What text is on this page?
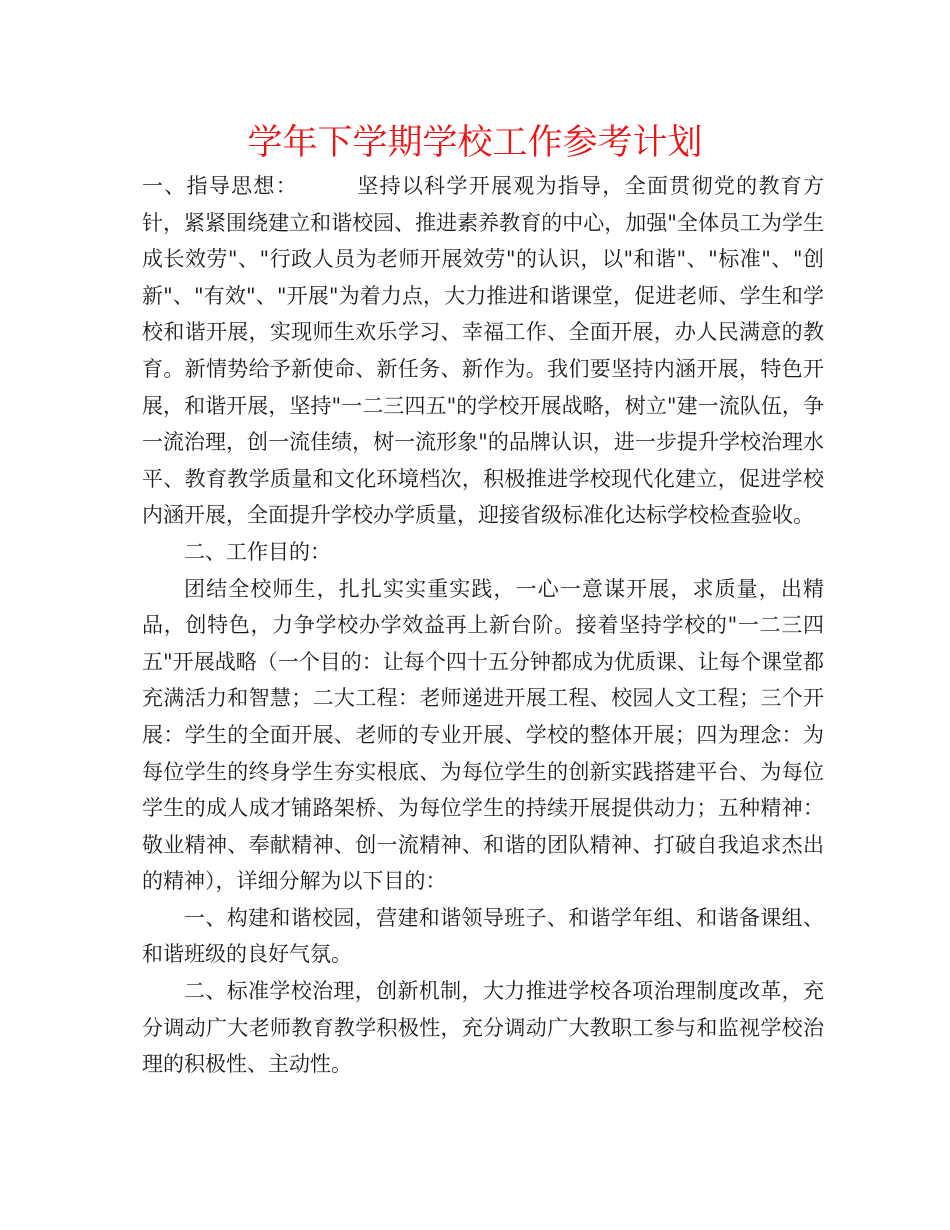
学年下学期学校工作参考计划

一、指导思想：	坚持以科学开展观为指导，全面贯彻党的教育方针，紧紧围绕建立和谐校园、推进素养教育的中心，加强"全体员工为学生成长效劳"、"行政人员为老师开展效劳"的认识，以"和谐"、"标准"、"创新"、"有效"、"开展"为着力点，大力推进和谐课堂，促进老师、学生和学校和谐开展，实现师生欢乐学习、幸福工作、全面开展，办人民满意的教育。新情势给予新使命、新任务、新作为。我们要坚持内涵开展，特色开展，和谐开展，坚持"一二三四五"的学校开展战略，树立"建一流队伍，争一流治理，创一流佳绩，树一流形象"的品牌认识，进一步提升学校治理水平、教育教学质量和文化环境档次，积极推进学校现代化建立，促进学校内涵开展，全面提升学校办学质量，迎接省级标准化达标学校检查验收。

二、工作目的：

团结全校师生，扎扎实实重实践，一心一意谋开展，求质量，出精品，创特色，力争学校办学效益再上新台阶。接着坚持学校的"一二三四五"开展战略（一个目的：让每个四十五分钟都成为优质课、让每个课堂都充满活力和智慧；二大工程：老师递进开展工程、校园人文工程；三个开展：学生的全面开展、老师的专业开展、学校的整体开展；四为理念：为每位学生的终身学生夯实根底、为每位学生的创新实践搭建平台、为每位学生的成人成才铺路架桥、为每位学生的持续开展提供动力；五种精神：敬业精神、奉献精神、创一流精神、和谐的团队精神、打破自我追求杰出的精神），详细分解为以下目的：

一、构建和谐校园，营建和谐领导班子、和谐学年组、和谐备课组、和谐班级的良好气氛。

二、标准学校治理，创新机制，大力推进学校各项治理制度改革，充分调动广大老师教育教学积极性，充分调动广大教职工参与和监视学校治理的积极性、主动性。
